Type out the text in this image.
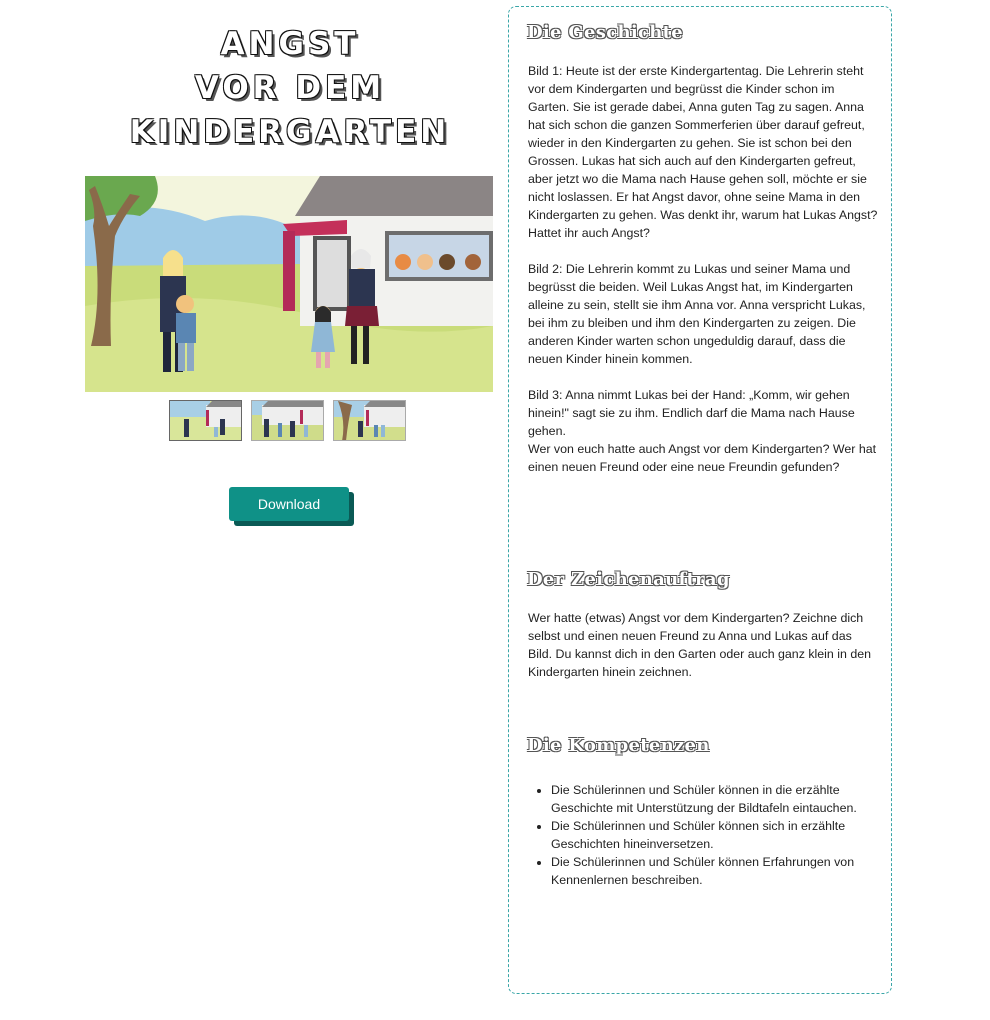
ANGST
VOR DEM
KINDERGARTEN
Download
Die Geschichte
Bild 1: Heute ist der erste Kindergartentag. Die Lehrerin steht vor dem Kindergarten und begrüsst die Kinder schon im Garten. Sie ist gerade dabei, Anna guten Tag zu sagen. Anna hat sich schon die ganzen Sommerferien über darauf gefreut, wieder in den Kindergarten zu gehen. Sie ist schon bei den Grossen. Lukas hat sich auch auf den Kindergarten gefreut, aber jetzt wo die Mama nach Hause gehen soll, möchte er sie nicht loslassen. Er hat Angst davor, ohne seine Mama in den Kindergarten zu gehen. Was denkt ihr, warum hat Lukas Angst? Hattet ihr auch Angst?
Bild 2: Die Lehrerin kommt zu Lukas und seiner Mama und begrüsst die beiden. Weil Lukas Angst hat, im Kindergarten alleine zu sein, stellt sie ihm Anna vor. Anna verspricht Lukas, bei ihm zu bleiben und ihm den Kindergarten zu zeigen. Die anderen Kinder warten schon ungeduldig darauf, dass die neuen Kinder hinein kommen.
Bild 3: Anna nimmt Lukas bei der Hand: „Komm, wir gehen hinein!" sagt sie zu ihm. Endlich darf die Mama nach Hause gehen.
Wer von euch hatte auch Angst vor dem Kindergarten? Wer hat einen neuen Freund oder eine neue Freundin gefunden?
Der Zeichenauftrag
Wer hatte (etwas) Angst vor dem Kindergarten? Zeichne dich selbst und einen neuen Freund zu Anna und Lukas auf das Bild. Du kannst dich in den Garten oder auch ganz klein in den Kindergarten hinein zeichnen.
Die Kompetenzen
• Die Schülerinnen und Schüler können in die erzählte Geschichte mit Unterstützung der Bildtafeln eintauchen.
• Die Schülerinnen und Schüler können sich in erzählte Geschichten hineinversetzen.
• Die Schülerinnen und Schüler können Erfahrungen von Kennenlernen beschreiben.
